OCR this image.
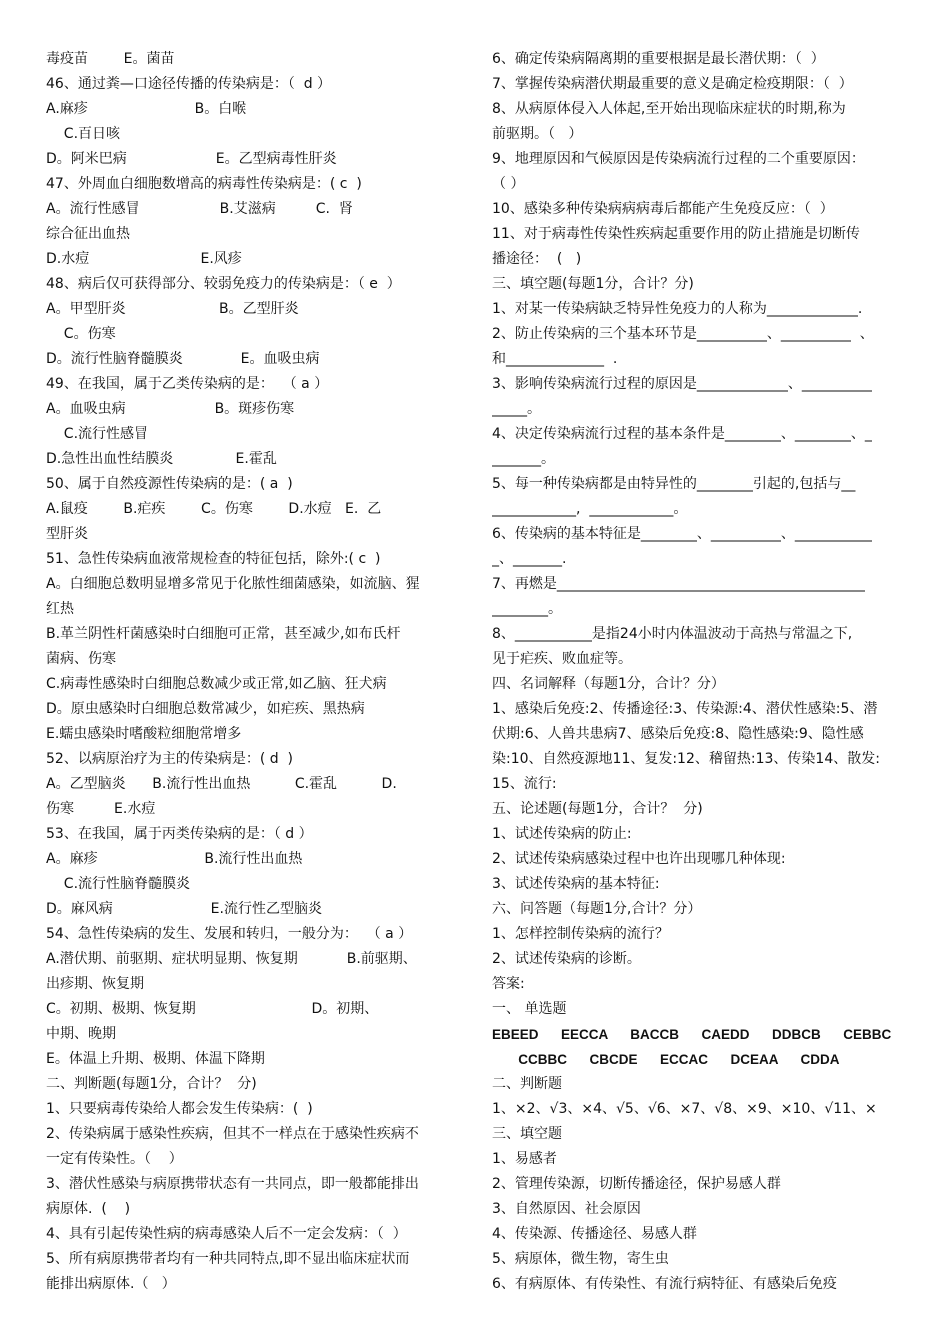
毒疫苗        E。菌苗
46、通过粪—口途径传播的传染病是：（  d ）
A.麻疹                        B。白喉
C.百日咳
D。阿米巴病                    E。乙型病毒性肝炎
47、外周血白细胞数增高的病毒性传染病是：( c  )
A。流行性感冒                  B.艾滋病         C.  肾
综合征出血热
D.水痘                         E.风疹
48、病后仅可获得部分、较弱免疫力的传染病是：（ e  ）
A。甲型肝炎                     B。乙型肝炎
C。伤寒
D。流行性脑脊髓膜炎             E。血吸虫病
49、在我国，属于乙类传染病的是：  （ a ）
A。血吸虫病                    B。斑疹伤寒
C.流行性感冒
D.急性出血性结膜炎              E.霍乱
50、属于自然疫源性传染病的是：( a  )
A.鼠疫        B.疟疾        C。伤寒        D.水痘   E.  乙
型肝炎
51、急性传染病血液常规检查的特征包括，除外:( c  )
A。白细胞总数明显增多常见于化脓性细菌感染，如流脑、猩
红热
B.革兰阴性杆菌感染时白细胞可正常，甚至减少,如布氏杆
菌病、伤寒
C.病毒性感染时白细胞总数减少或正常,如乙脑、狂犬病
D。原虫感染时白细胞总数常减少，如疟疾、黑热病
E.蠕虫感染时嗜酸粒细胞常增多
52、以病原治疗为主的传染病是：( d  )
A。乙型脑炎      B.流行性出血热          C.霍乱          D.
伤寒         E.水痘
53、在我国，属于丙类传染病的是：（ d ）
A。麻疹                        B.流行性出血热
C.流行性脑脊髓膜炎
D。麻风病                      E.流行性乙型脑炎
54、急性传染病的发生、发展和转归，一般分为：  （ a ）
A.潜伏期、前驱期、症状明显期、恢复期           B.前驱期、
出疹期、恢复期
C。初期、极期、恢复期                          D。初期、
中期、晚期
E。体温上升期、极期、体温下降期
二、判断题(每题1分，合计？  分)
1、只要病毒传染给人都会发生传染病：(  )
2、传染病属于感染性疾病，但其不一样点在于感染性疾病不
一定有传染性。（    ）
3、潜伏性感染与病原携带状态有一共同点，即一般都能排出
病原体.  (    )
4、具有引起传染性病的病毒感染人后不一定会发病：（  ）
5、所有病原携带者均有一种共同特点,即不显出临床症状而
能排出病原体.（   ）
6、确定传染病隔离期的重要根据是最长潜伏期：（  ）
7、掌握传染病潜伏期最重要的意义是确定检疫期限：（  ）
8、从病原体侵入人体起,至开始出现临床症状的时期,称为
前驱期。（   ）
9、地理原因和气候原因是传染病流行过程的二个重要原因：
（ ）
10、感染多种传染病病病毒后都能产生免疫反应：（  ）
11、对于病毒性传染性疾病起重要作用的防止措施是切断传
播途径：  (   )
三、填空题(每题1分，合计？分)
1、对某一传染病缺乏特异性免疫力的人称为_____________.
2、防止传染病的三个基本环节是__________、__________  、
和______________  .
3、影响传染病流行过程的原因是_____________、__________
_____。
4、决定传染病流行过程的基本条件是________、________、_
_______。
5、每一种传染病都是由特异性的________引起的,包括与__
____________,  ____________。
6、传染病的基本特征是________、__________、___________
_、_______.
7、再燃是____________________________________________
________。
8、___________是指24小时内体温波动于高热与常温之下,
见于疟疾、败血症等。
四、名词解释（每题1分，合计？分）
1、感染后免疫:2、传播途径:3、传染源:4、潜伏性感染:5、潜
伏期:6、人兽共患病7、感染后免疫:8、隐性感染:9、隐性感
染:10、自然疫源地11、复发:12、稽留热:13、传染14、散发:
15、流行:
五、论述题(每题1分，合计？  分)
1、试述传染病的防止:
2、试述传染病感染过程中也许出现哪几种体现:
3、试述传染病的基本特征:
六、问答题（每题1分,合计？分）
1、怎样控制传染病的流行？
2、试述传染病的诊断。
答案:
一、 单选题
EBEED      EECCA      BACCB      CAEDD      DDBCB      CEBBC
CCBBC      CBCDE      ECCAC      DCEAA      CDDA
二、判断题
1、×2、√3、×4、√5、√6、×7、√8、×9、×10、√11、×
三、填空题
1、易感者
2、管理传染源，切断传播途径，保护易感人群
3、自然原因、社会原因
4、传染源、传播途径、易感人群
5、病原体，微生物，寄生虫
6、有病原体、有传染性、有流行病特征、有感染后免疫
